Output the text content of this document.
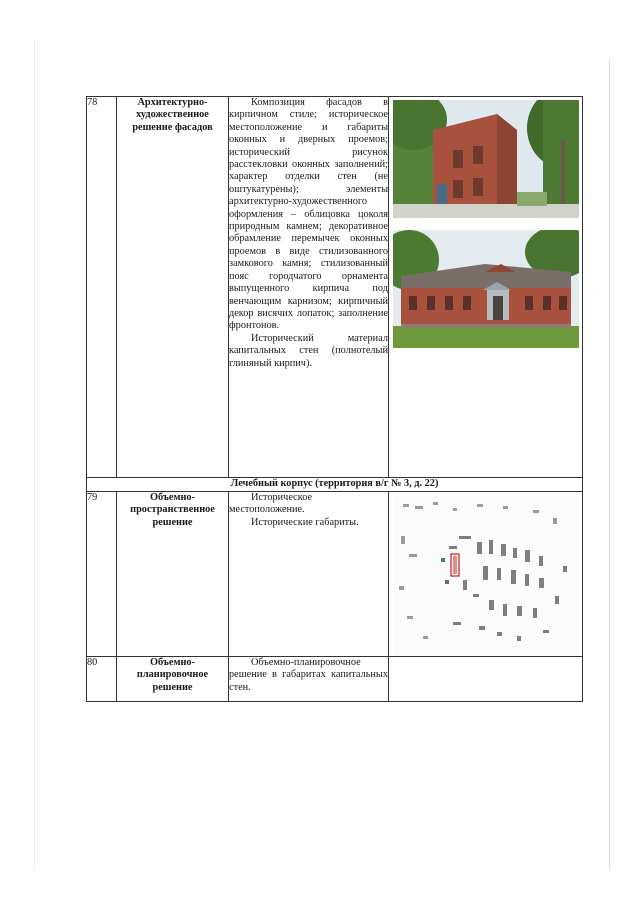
78	Архитектурно-художественное решение фасадов	Композиция фасадов в кирпичном стиле; историческое местоположение и габариты оконных и дверных проемов; исторический рисунок расстекловки оконных заполнений; характер отделки стен (не оштукатурены); элементы архитектурно-художественного оформления – облицовка цоколя природным камнем; декоративное обрамление перемычек оконных проемов в виде стилизованного замкового камня; стилизованный пояс городчатого орнамента выпущенного кирпича под венчающим карнизом; кирпичный декор висячих лопаток; заполнение фронтонов.

Исторический материал капитальных стен (полнотелый глиняный кирпич).

Лечебный корпус (территория в/г № 3, д. 22)			
79	Объемно-пространственное решение	Историческое местоположение.

Исторические габариты.

80	Объемно-планировочное решение	Объемно-планировочное решение в габаритах капитальных стен.	
